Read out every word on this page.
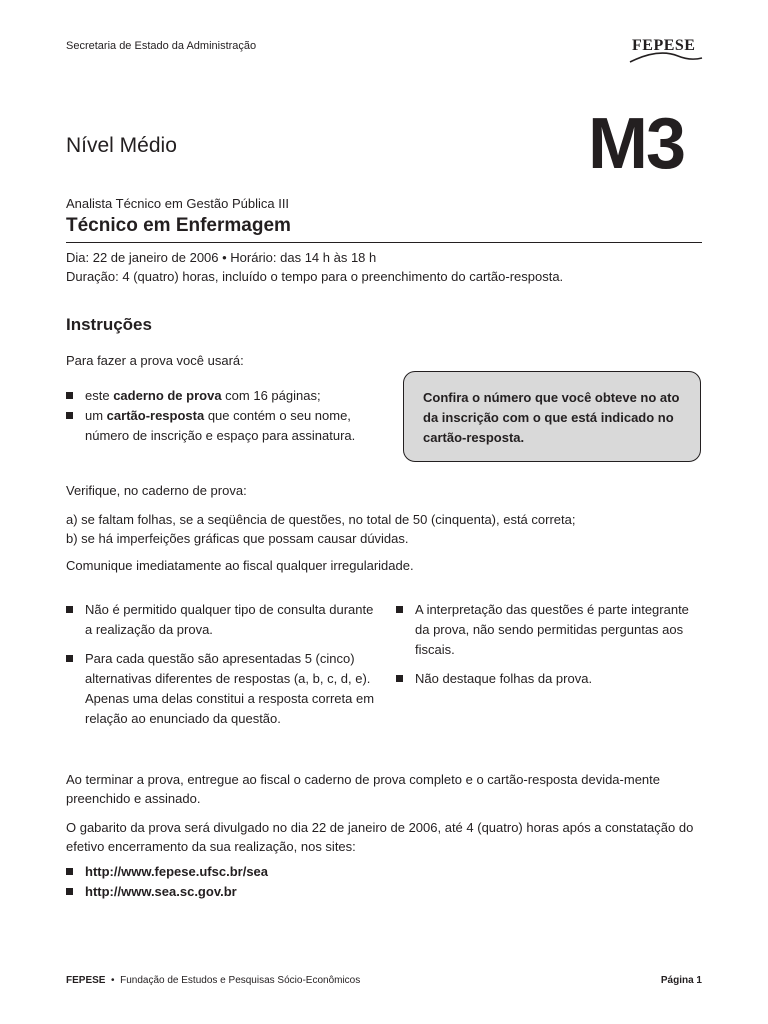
Secretaria de Estado da Administração	FEPESE
Nível Médio	M3
Analista Técnico em Gestão Pública III
Técnico em Enfermagem
Dia: 22 de janeiro de 2006 • Horário: das 14 h às 18 h
Duração: 4 (quatro) horas, incluído o tempo para o preenchimento do cartão-resposta.
Instruções
Para fazer a prova você usará:
este caderno de prova com 16 páginas;
um cartão-resposta que contém o seu nome, número de inscrição e espaço para assinatura.
Confira o número que você obteve no ato da inscrição com o que está indicado no cartão-resposta.
Verifique, no caderno de prova:
a) se faltam folhas, se a seqüência de questões, no total de 50 (cinquenta), está correta;
b) se há imperfeições gráficas que possam causar dúvidas.
Comunique imediatamente ao fiscal qualquer irregularidade.
Não é permitido qualquer tipo de consulta durante a realização da prova.
Para cada questão são apresentadas 5 (cinco) alternativas diferentes de respostas (a, b, c, d, e). Apenas uma delas constitui a resposta correta em relação ao enunciado da questão.
A interpretação das questões é parte integrante da prova, não sendo permitidas perguntas aos fiscais.
Não destaque folhas da prova.
Ao terminar a prova, entregue ao fiscal o caderno de prova completo e o cartão-resposta devida-mente preenchido e assinado.
O gabarito da prova será divulgado no dia 22 de janeiro de 2006, até 4 (quatro) horas após a constatação do efetivo encerramento da sua realização, nos sites:
http://www.fepese.ufsc.br/sea
http://www.sea.sc.gov.br
FEPESE • Fundação de Estudos e Pesquisas Sócio-Econômicos	Página 1
